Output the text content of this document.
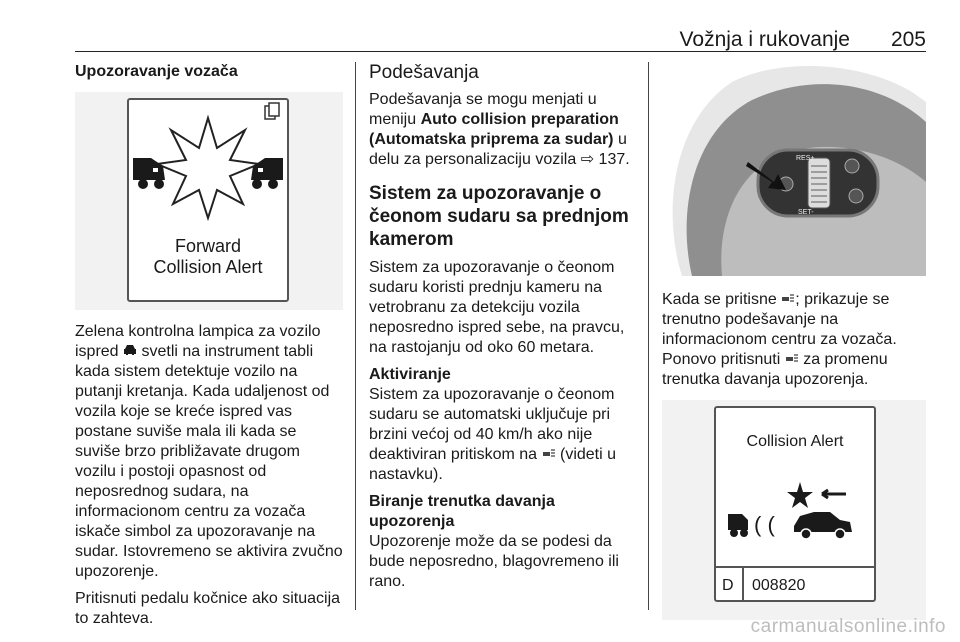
Vožnja i rukovanje 205
Upozoravanje vozača
Forward
Collision Alert

Zelena kontrolna lampica za vozilo ispred svetli na instrument tabli kada sistem detektuje vozilo na putanji kretanja. Kada udaljenost od vozila koje se kreće ispred vas postane suviše mala ili kada se suviše brzo približavate drugom vozilu i postoji opasnost od neposrednog sudara, na informacionom centru za vozača iskače simbol za upozoravanje na sudar. Istovremeno se aktivira zvučno upozorenje.

Pritisnuti pedalu kočnice ako situacija to zahteva.

Podešavanja

Podešavanja se mogu menjati u meniju Auto collision preparation (Automatska priprema za sudar) u delu za personalizaciju vozila ⇨ 137.

Sistem za upozoravanje o čeonom sudaru sa prednjom kamerom

Sistem za upozoravanje o čeonom sudaru koristi prednju kameru na vetrobranu za detekciju vozila neposredno ispred sebe, na pravcu, na rastojanju od oko 60 metara.

Aktiviranje
Sistem za upozoravanje o čeonom sudaru se automatski uključuje pri brzini većoj od 40 km/h ako nije deaktiviran pritiskom na (videti u nastavku).

Biranje trenutka davanja upozorenja
Upozorenje može da se podesi da bude neposredno, blagovremeno ili rano.

RES+
SET-

Kada se pritisne ; prikazuje se trenutno podešavanje na informacionom centru za vozača. Ponovo pritisnuti za promenu trenutka davanja upozorenja.

Collision Alert
( (
D 008820
carmanualsonline.info
